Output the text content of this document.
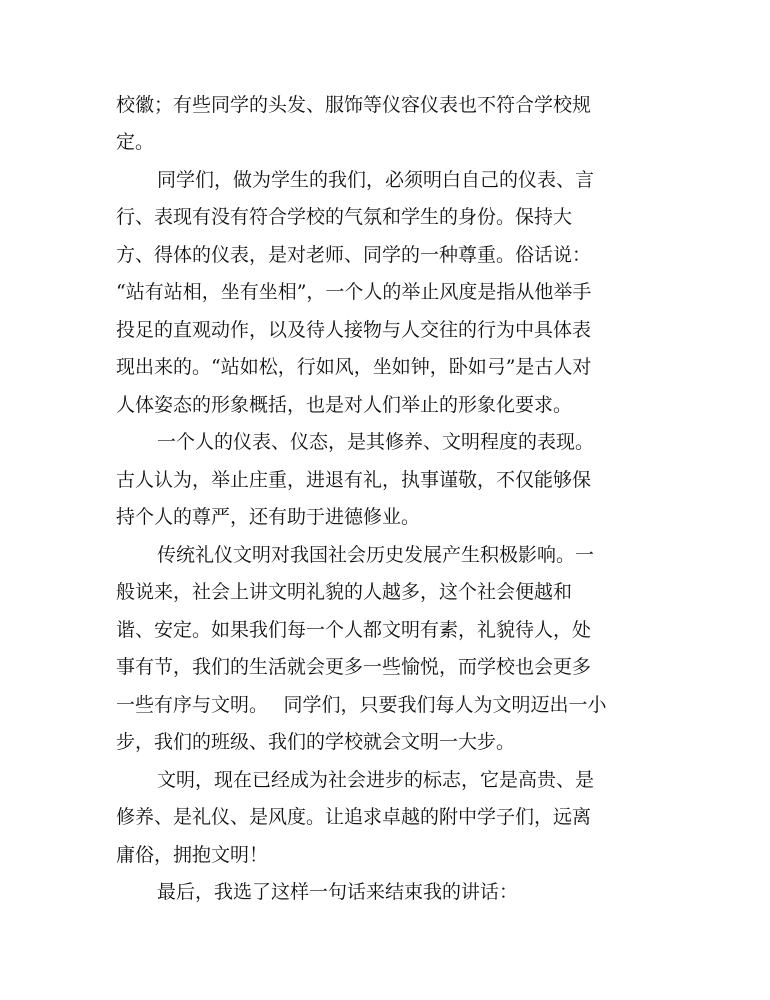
校徽；有些同学的头发、服饰等仪容仪表也不符合学校规

定。

同学们，做为学生的我们，必须明白自己的仪表、言

行、表现有没有符合学校的气氛和学生的身份。保持大

方、得体的仪表，是对老师、同学的一种尊重。俗话说：

“站有站相，坐有坐相”，一个人的举止风度是指从他举手

投足的直观动作，以及待人接物与人交往的行为中具体表

现出来的。“站如松，行如风，坐如钟，卧如弓”是古人对

人体姿态的形象概括，也是对人们举止的形象化要求。

一个人的仪表、仪态，是其修养、文明程度的表现。

古人认为，举止庄重，进退有礼，执事谨敬，不仅能够保

持个人的尊严，还有助于进德修业。

传统礼仪文明对我国社会历史发展产生积极影响。一

般说来，社会上讲文明礼貌的人越多，这个社会便越和

谐、安定。如果我们每一个人都文明有素，礼貌待人，处

事有节，我们的生活就会更多一些愉悦，而学校也会更多

一些有序与文明。　 同学们，只要我们每人为文明迈出一小

步，我们的班级、我们的学校就会文明一大步。

文明，现在已经成为社会进步的标志，它是高贵、是

修养、是礼仪、是风度。让追求卓越的附中学子们，远离

庸俗，拥抱文明！

最后，我选了这样一句话来结束我的讲话：
